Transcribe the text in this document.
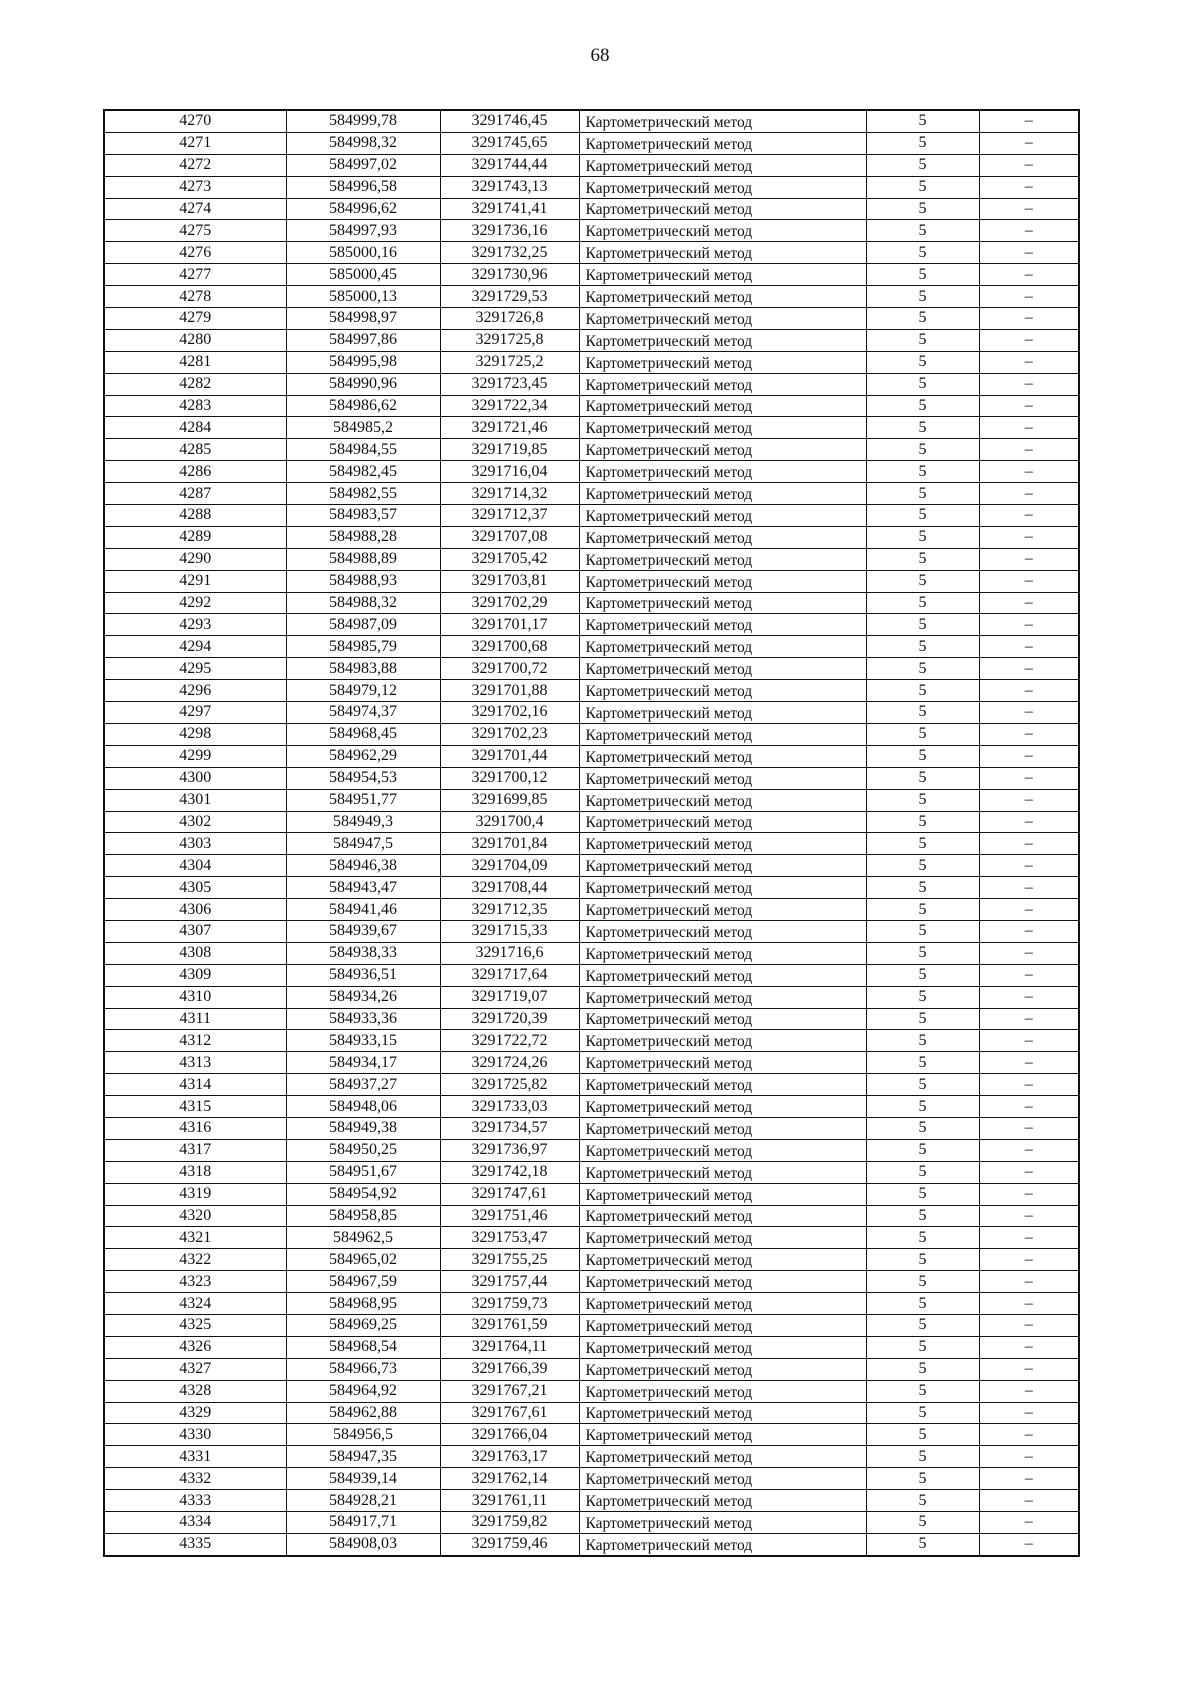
68
4270	584999,78	3291746,45	Картометрический метод	5	–
4271	584998,32	3291745,65	Картометрический метод	5	–
4272	584997,02	3291744,44	Картометрический метод	5	–
4273	584996,58	3291743,13	Картометрический метод	5	–
4274	584996,62	3291741,41	Картометрический метод	5	–
4275	584997,93	3291736,16	Картометрический метод	5	–
4276	585000,16	3291732,25	Картометрический метод	5	–
4277	585000,45	3291730,96	Картометрический метод	5	–
4278	585000,13	3291729,53	Картометрический метод	5	–
4279	584998,97	3291726,8	Картометрический метод	5	–
4280	584997,86	3291725,8	Картометрический метод	5	–
4281	584995,98	3291725,2	Картометрический метод	5	–
4282	584990,96	3291723,45	Картометрический метод	5	–
4283	584986,62	3291722,34	Картометрический метод	5	–
4284	584985,2	3291721,46	Картометрический метод	5	–
4285	584984,55	3291719,85	Картометрический метод	5	–
4286	584982,45	3291716,04	Картометрический метод	5	–
4287	584982,55	3291714,32	Картометрический метод	5	–
4288	584983,57	3291712,37	Картометрический метод	5	–
4289	584988,28	3291707,08	Картометрический метод	5	–
4290	584988,89	3291705,42	Картометрический метод	5	–
4291	584988,93	3291703,81	Картометрический метод	5	–
4292	584988,32	3291702,29	Картометрический метод	5	–
4293	584987,09	3291701,17	Картометрический метод	5	–
4294	584985,79	3291700,68	Картометрический метод	5	–
4295	584983,88	3291700,72	Картометрический метод	5	–
4296	584979,12	3291701,88	Картометрический метод	5	–
4297	584974,37	3291702,16	Картометрический метод	5	–
4298	584968,45	3291702,23	Картометрический метод	5	–
4299	584962,29	3291701,44	Картометрический метод	5	–
4300	584954,53	3291700,12	Картометрический метод	5	–
4301	584951,77	3291699,85	Картометрический метод	5	–
4302	584949,3	3291700,4	Картометрический метод	5	–
4303	584947,5	3291701,84	Картометрический метод	5	–
4304	584946,38	3291704,09	Картометрический метод	5	–
4305	584943,47	3291708,44	Картометрический метод	5	–
4306	584941,46	3291712,35	Картометрический метод	5	–
4307	584939,67	3291715,33	Картометрический метод	5	–
4308	584938,33	3291716,6	Картометрический метод	5	–
4309	584936,51	3291717,64	Картометрический метод	5	–
4310	584934,26	3291719,07	Картометрический метод	5	–
4311	584933,36	3291720,39	Картометрический метод	5	–
4312	584933,15	3291722,72	Картометрический метод	5	–
4313	584934,17	3291724,26	Картометрический метод	5	–
4314	584937,27	3291725,82	Картометрический метод	5	–
4315	584948,06	3291733,03	Картометрический метод	5	–
4316	584949,38	3291734,57	Картометрический метод	5	–
4317	584950,25	3291736,97	Картометрический метод	5	–
4318	584951,67	3291742,18	Картометрический метод	5	–
4319	584954,92	3291747,61	Картометрический метод	5	–
4320	584958,85	3291751,46	Картометрический метод	5	–
4321	584962,5	3291753,47	Картометрический метод	5	–
4322	584965,02	3291755,25	Картометрический метод	5	–
4323	584967,59	3291757,44	Картометрический метод	5	–
4324	584968,95	3291759,73	Картометрический метод	5	–
4325	584969,25	3291761,59	Картометрический метод	5	–
4326	584968,54	3291764,11	Картометрический метод	5	–
4327	584966,73	3291766,39	Картометрический метод	5	–
4328	584964,92	3291767,21	Картометрический метод	5	–
4329	584962,88	3291767,61	Картометрический метод	5	–
4330	584956,5	3291766,04	Картометрический метод	5	–
4331	584947,35	3291763,17	Картометрический метод	5	–
4332	584939,14	3291762,14	Картометрический метод	5	–
4333	584928,21	3291761,11	Картометрический метод	5	–
4334	584917,71	3291759,82	Картометрический метод	5	–
4335	584908,03	3291759,46	Картометрический метод	5	–
